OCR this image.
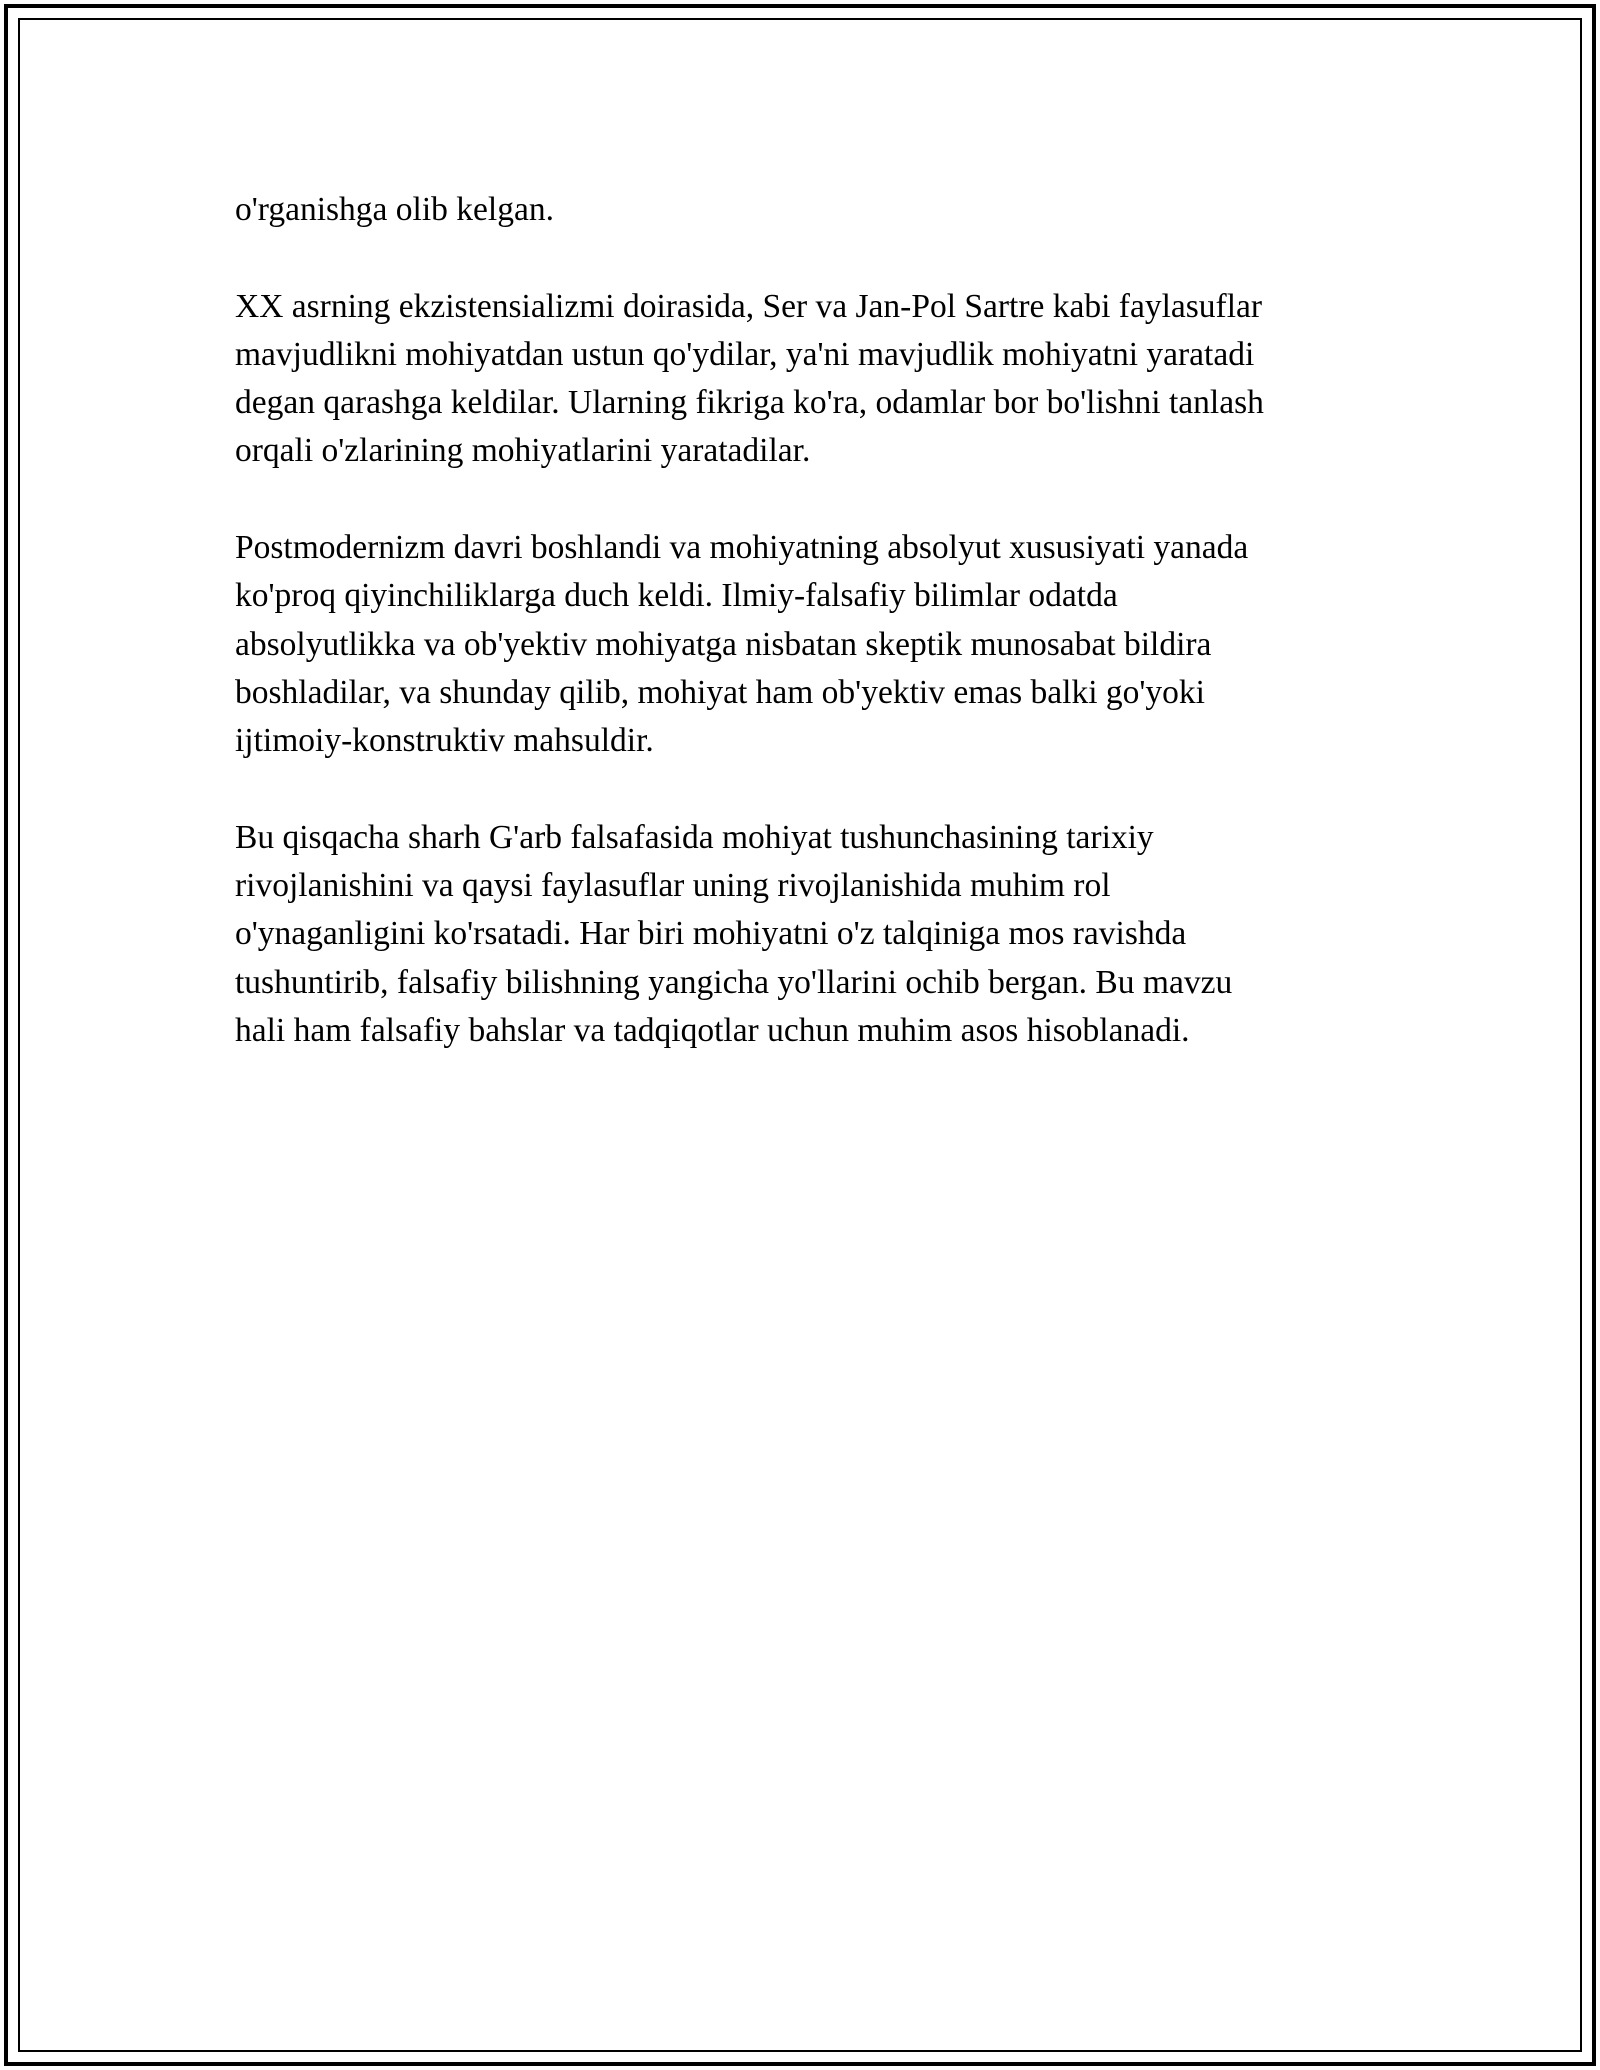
o'rganishga olib kelgan.

XX asrning ekzistensializmi doirasida, Ser va Jan-Pol Sartre kabi faylasuflar
mavjudlikni mohiyatdan ustun qo'ydilar, ya'ni mavjudlik mohiyatni yaratadi
degan qarashga keldilar. Ularning fikriga ko'ra, odamlar bor bo'lishni tanlash
orqali o'zlarining mohiyatlarini yaratadilar.

Postmodernizm davri boshlandi va mohiyatning absolyut xususiyati yanada
ko'proq qiyinchiliklarga duch keldi. Ilmiy-falsafiy bilimlar odatda
absolyutlikka va ob'yektiv mohiyatga nisbatan skeptik munosabat bildira
boshladilar, va shunday qilib, mohiyat ham ob'yektiv emas balki go'yoki
ijtimoiy-konstruktiv mahsuldir.

Bu qisqacha sharh G'arb falsafasida mohiyat tushunchasining tarixiy
rivojlanishini va qaysi faylasuflar uning rivojlanishida muhim rol
o'ynaganligini ko'rsatadi. Har biri mohiyatni o'z talqiniga mos ravishda
tushuntirib, falsafiy bilishning yangicha yo'llarini ochib bergan. Bu mavzu
hali ham falsafiy bahslar va tadqiqotlar uchun muhim asos hisoblanadi.
